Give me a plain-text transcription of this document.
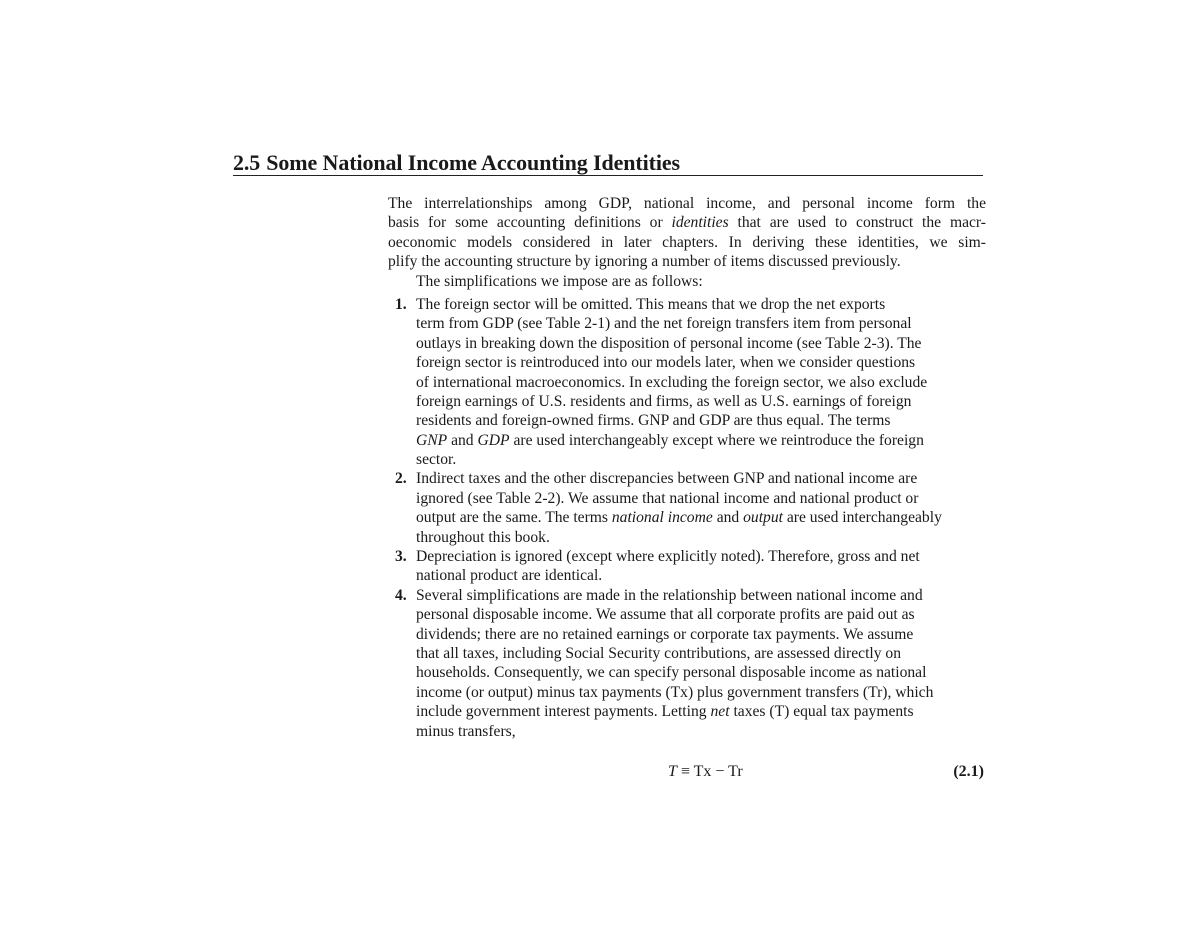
2.5 Some National Income Accounting Identities
The interrelationships among GDP, national income, and personal income form the
basis for some accounting definitions or identities that are used to construct the macr-
oeconomic models considered in later chapters. In deriving these identities, we sim-
plify the accounting structure by ignoring a number of items discussed previously.
The simplifications we impose are as follows:
1. The foreign sector will be omitted. This means that we drop the net exports
term from GDP (see Table 2-1) and the net foreign transfers item from personal
outlays in breaking down the disposition of personal income (see Table 2-3). The
foreign sector is reintroduced into our models later, when we consider questions
of international macroeconomics. In excluding the foreign sector, we also exclude
foreign earnings of U.S. residents and firms, as well as U.S. earnings of foreign
residents and foreign-owned firms. GNP and GDP are thus equal. The terms
GNP and GDP are used interchangeably except where we reintroduce the foreign
sector.
2. Indirect taxes and the other discrepancies between GNP and national income are
ignored (see Table 2-2). We assume that national income and national product or
output are the same. The terms national income and output are used interchangeably
throughout this book.
3. Depreciation is ignored (except where explicitly noted). Therefore, gross and net
national product are identical.
4. Several simplifications are made in the relationship between national income and
personal disposable income. We assume that all corporate profits are paid out as
dividends; there are no retained earnings or corporate tax payments. We assume
that all taxes, including Social Security contributions, are assessed directly on
households. Consequently, we can specify personal disposable income as national
income (or output) minus tax payments (Tx) plus government transfers (Tr), which
include government interest payments. Letting net taxes (T) equal tax payments
minus transfers,
T ≡ Tx − Tr	(2.1)
